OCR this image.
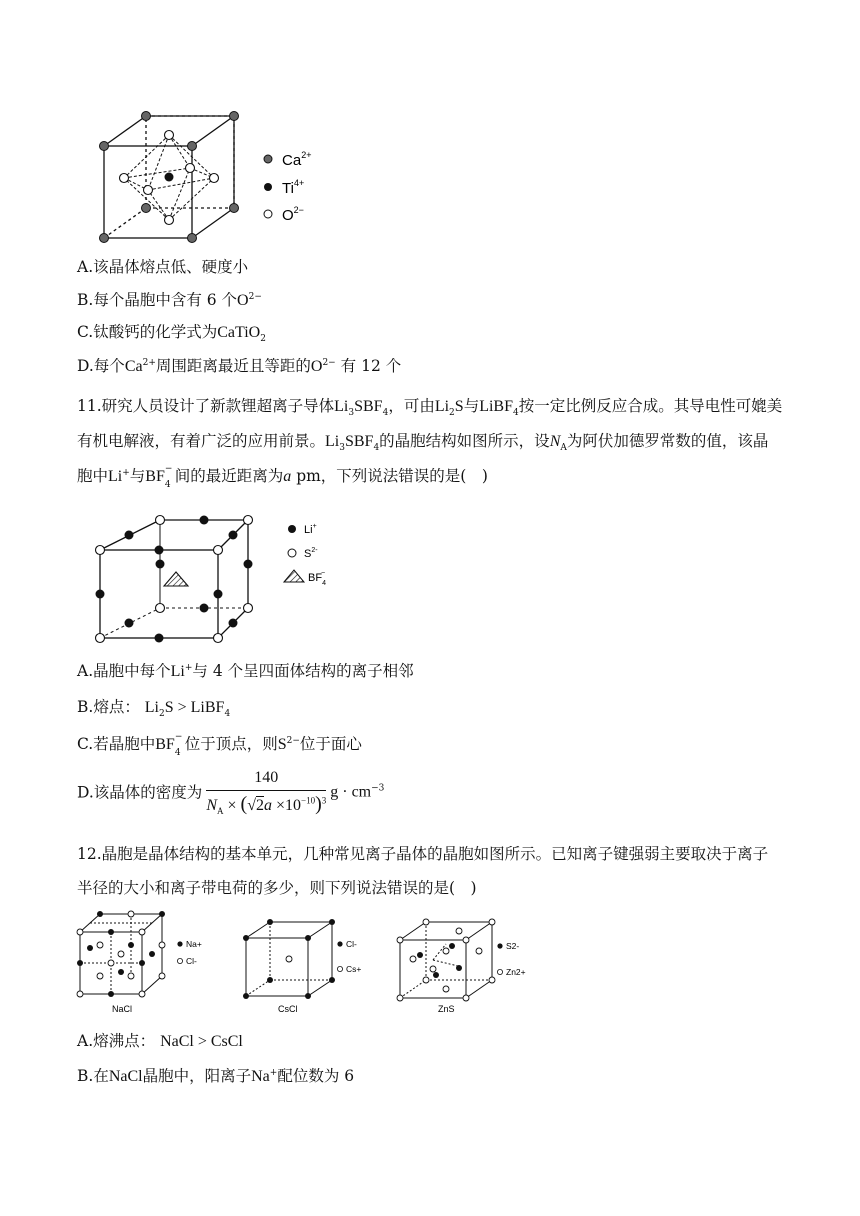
$Ca^{2+}$
$Ti^{4+}$
$O^{2-}$
A.该晶体熔点低、硬度小
B.每个晶胞中含有 6 个$O^{2-}$
C.钛酸钙的化学式为CaTiO$_2$
D.每个$Ca^{2+}$周围距离最近且等距的$O^{2-}$ 有 12 个
11.研究人员设计了新款锂超离子导体$Li_3SBF_4$，可由$Li_2S$与LiBF$_4$按一定比例反应合成。其导电性可媲美有机电解液，有着广泛的应用前景。$Li_3SBF_4$的晶胞结构如图所示，设$N_A$为阿伏加德罗常数的值，该晶胞中Li+与BF −
4 间的最近距离为a pm，下列说法错误的是(　)
Li+
$S^{2-}$
$BF_4-$
A.晶胞中每个Li+与 4 个呈四面体结构的离子相邻
B.熔点： $Li_2S$ > LiBF$_4$
C.若晶胞中BF −
4 位于顶点，则$S^{2-}$位于面心
D.该晶体的密度为 $\frac{140}{N_A \times (√2a \times 10^{-10})^3}$ $g \cdot cm^{-3}$
12.晶胞是晶体结构的基本单元，几种常见离子晶体的晶胞如图所示。已知离子键强弱主要取决于离子半径的大小和离子带电荷的多少，则下列说法错误的是(　)
NaCl
Na+
Cl-
CsCl
Cl-
Cs+
ZnS
S2-
Zn2+
A.熔沸点： NaCl > CsCl
B.在NaCl晶胞中，阳离子Na+配位数为 6
